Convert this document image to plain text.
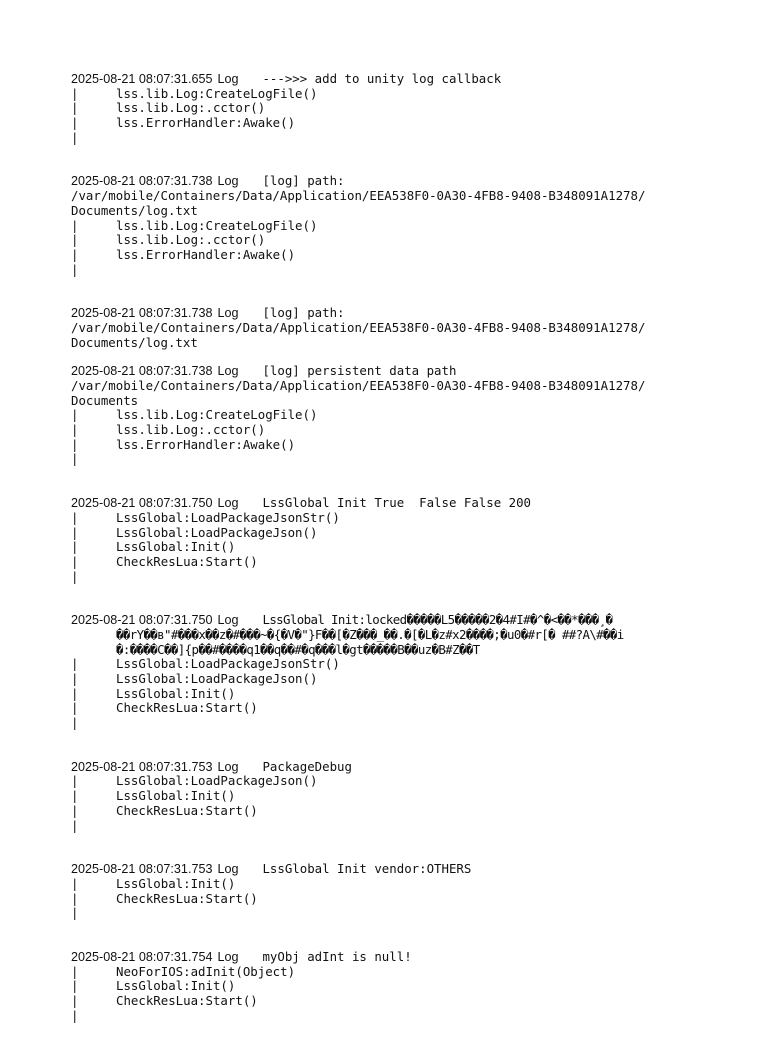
2025-08-21 08:07:31.655 Log	--->>> add to unity log callback
|	lss.lib.Log:CreateLogFile()
|	lss.lib.Log:.cctor()
|	lss.ErrorHandler:Awake()
|
2025-08-21 08:07:31.738 Log	[log] path:
/var/mobile/Containers/Data/Application/EEA538F0-0A30-4FB8-9408-B348091A1278/
Documents/log.txt
|	lss.lib.Log:CreateLogFile()
|	lss.lib.Log:.cctor()
|	lss.ErrorHandler:Awake()
|
2025-08-21 08:07:31.738 Log	[log] path:
/var/mobile/Containers/Data/Application/EEA538F0-0A30-4FB8-9408-B348091A1278/
Documents/log.txt
2025-08-21 08:07:31.738 Log	[log] persistent data path
/var/mobile/Containers/Data/Application/EEA538F0-0A30-4FB8-9408-B348091A1278/
Documents
|	lss.lib.Log:CreateLogFile()
|	lss.lib.Log:.cctor()
|	lss.ErrorHandler:Awake()
|
2025-08-21 08:07:31.750 Log	LssGlobal Init True  False False 200
|	LssGlobal:LoadPackageJsonStr()
|	LssGlobal:LoadPackageJson()
|	LssGlobal:Init()
|	CheckResLua:Start()
|
2025-08-21 08:07:31.750 Log	LssGlobal Init:locked�����L5�����2�4#I#�^�<��*���¸�
��rY��в"#���x��z�#���~�{�V�"}F��[�Z���_��.�[�L�z#x2����;�u0�#r[� ##?A\#��i
�:����C��]{p��#����q1��q��#�q���l�gt�����B��uz�B#Z��T
|	LssGlobal:LoadPackageJsonStr()
|	LssGlobal:LoadPackageJson()
|	LssGlobal:Init()
|	CheckResLua:Start()
|
2025-08-21 08:07:31.753 Log	PackageDebug
|	LssGlobal:LoadPackageJson()
|	LssGlobal:Init()
|	CheckResLua:Start()
|
2025-08-21 08:07:31.753 Log	LssGlobal Init vendor:OTHERS
|	LssGlobal:Init()
|	CheckResLua:Start()
|
2025-08-21 08:07:31.754 Log	myObj adInt is null!
|	NeoForIOS:adInit(Object)
|	LssGlobal:Init()
|	CheckResLua:Start()
|
